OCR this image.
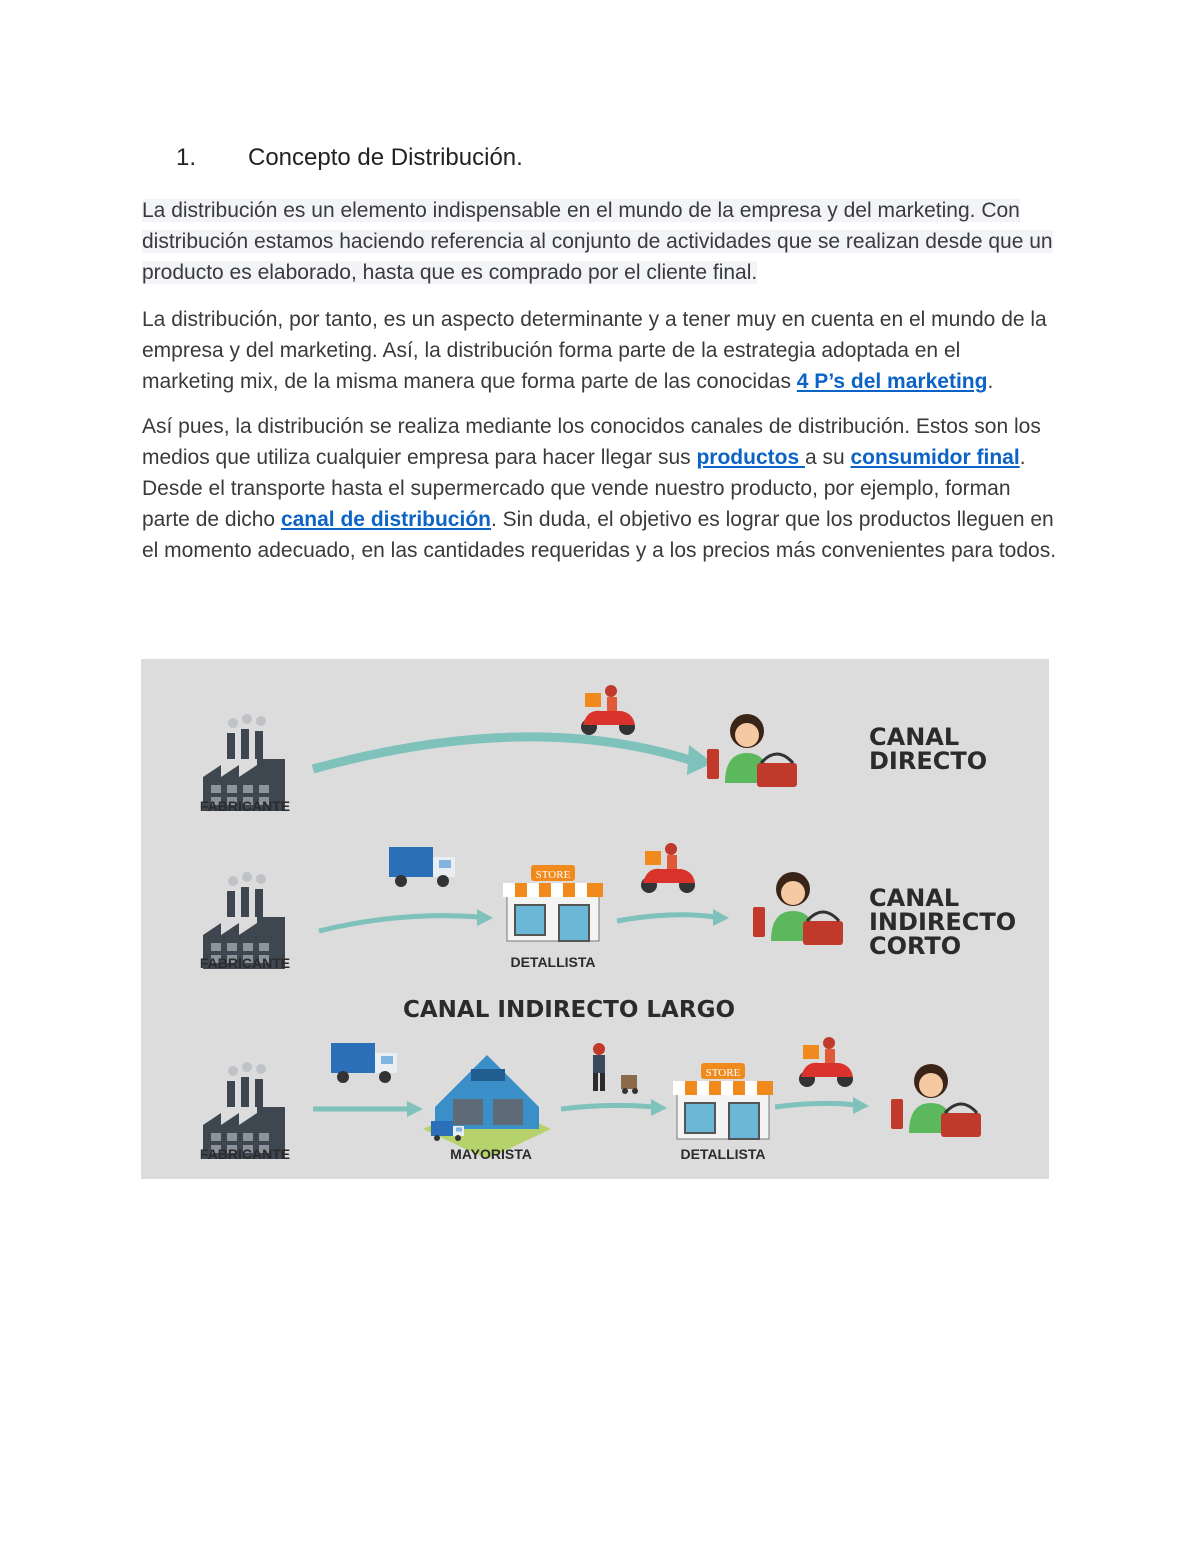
1. Concepto de Distribución.
La distribución es un elemento indispensable en el mundo de la empresa y del marketing. Con distribución estamos haciendo referencia al conjunto de actividades que se realizan desde que un producto es elaborado, hasta que es comprado por el cliente final.
La distribución, por tanto, es un aspecto determinante y a tener muy en cuenta en el mundo de la empresa y del marketing. Así, la distribución forma parte de la estrategia adoptada en el marketing mix, de la misma manera que forma parte de las conocidas 4 P’s del marketing.
Así pues, la distribución se realiza mediante los conocidos canales de distribución. Estos son los medios que utiliza cualquier empresa para hacer llegar sus productos a su consumidor final. Desde el transporte hasta el supermercado que vende nuestro producto, por ejemplo, forman parte de dicho canal de distribución. Sin duda, el objetivo es lograr que los productos lleguen en el momento adecuado, en las cantidades requeridas y a los precios más convenientes para todos.
FABRICANTE
CANAL
DIRECTO
FABRICANTE
STORE
DETALLISTA
CANAL
INDIRECTO
CORTO
CANAL INDIRECTO LARGO
FABRICANTE	MAYORISTA
STORE
DETALLISTA
